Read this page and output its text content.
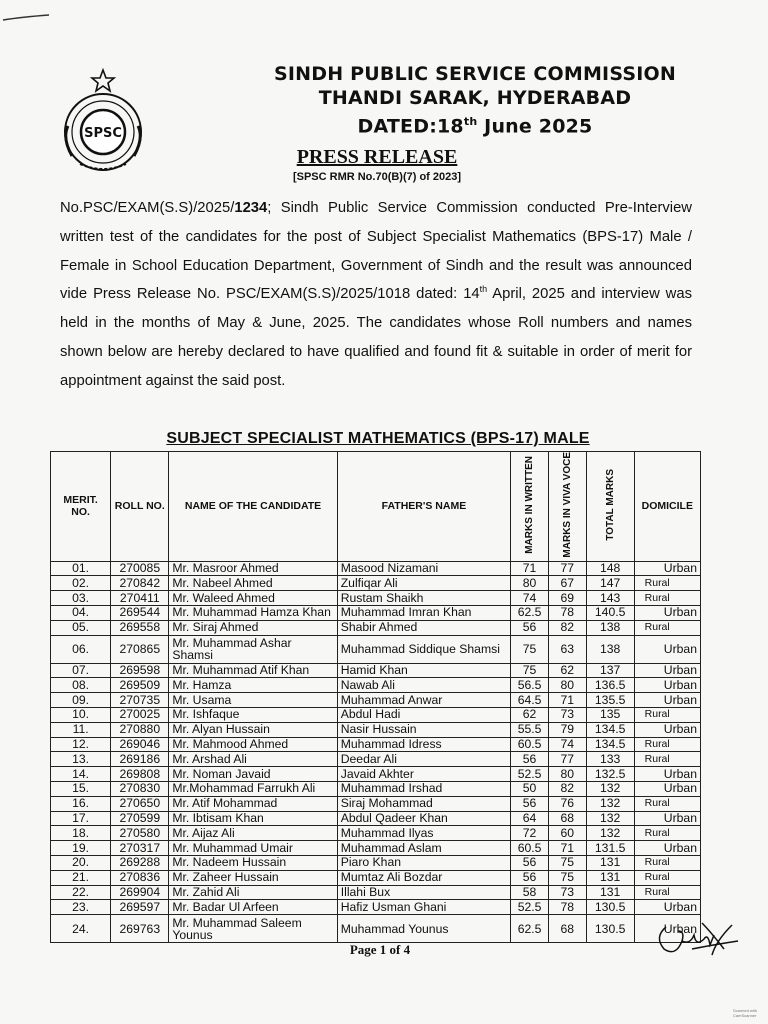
SPSC
SINDH PUBLIC SERVICE COMMISSION
THANDI SARAK, HYDERABAD
DATED:18th June 2025
PRESS RELEASE
[SPSC RMR No.70(B)(7) of 2023]
No.PSC/EXAM(S.S)/2025/1234; Sindh Public Service Commission conducted Pre-Interview written test of the candidates for the post of Subject Specialist Mathematics (BPS-17) Male / Female in School Education Department, Government of Sindh and the result was announced vide Press Release No. PSC/EXAM(S.S)/2025/1018 dated: 14th April, 2025 and interview was held in the months of May & June, 2025. The candidates whose Roll numbers and names shown below are hereby declared to have qualified and found fit & suitable in order of merit for appointment against the said post.
SUBJECT SPECIALIST MATHEMATICS (BPS-17) MALE
MERIT. NO.	ROLL NO.	NAME OF THE CANDIDATE	FATHER'S NAME	MARKS IN WRITTEN	MARKS IN VIVA VOCE	TOTAL MARKS	DOMICILE
01.	270085	Mr. Masroor Ahmed	Masood Nizamani	71	77	148	Urban
02.	270842	Mr. Nabeel Ahmed	Zulfiqar Ali	80	67	147	Rural
03.	270411	Mr. Waleed Ahmed	Rustam Shaikh	74	69	143	Rural
04.	269544	Mr. Muhammad Hamza Khan	Muhammad Imran Khan	62.5	78	140.5	Urban
05.	269558	Mr. Siraj Ahmed	Shabir Ahmed	56	82	138	Rural
06.	270865	Mr. Muhammad Ashar Shamsi	Muhammad Siddique Shamsi	75	63	138	Urban
07.	269598	Mr. Muhammad Atif Khan	Hamid Khan	75	62	137	Urban
08.	269509	Mr. Hamza	Nawab Ali	56.5	80	136.5	Urban
09.	270735	Mr. Usama	Muhammad Anwar	64.5	71	135.5	Urban
10.	270025	Mr. Ishfaque	Abdul Hadi	62	73	135	Rural
11.	270880	Mr. Alyan Hussain	Nasir Hussain	55.5	79	134.5	Urban
12.	269046	Mr. Mahmood Ahmed	Muhammad Idress	60.5	74	134.5	Rural
13.	269186	Mr. Arshad Ali	Deedar Ali	56	77	133	Rural
14.	269808	Mr. Noman Javaid	Javaid Akhter	52.5	80	132.5	Urban
15.	270830	Mr.Mohammad Farrukh Ali	Muhammad Irshad	50	82	132	Urban
16.	270650	Mr. Atif Mohammad	Siraj Mohammad	56	76	132	Rural
17.	270599	Mr. Ibtisam Khan	Abdul Qadeer Khan	64	68	132	Urban
18.	270580	Mr. Aijaz Ali	Muhammad Ilyas	72	60	132	Rural
19.	270317	Mr. Muhammad Umair	Muhammad Aslam	60.5	71	131.5	Urban
20.	269288	Mr. Nadeem Hussain	Piaro Khan	56	75	131	Rural
21.	270836	Mr. Zaheer Hussain	Mumtaz Ali Bozdar	56	75	131	Rural
22.	269904	Mr. Zahid Ali	Illahi Bux	58	73	131	Rural
23.	269597	Mr. Badar Ul Arfeen	Hafiz Usman Ghani	52.5	78	130.5	Urban
24.	269763	Mr. Muhammad Saleem Younus	Muhammad Younus	62.5	68	130.5	Urban
Page 1 of 4
Scanned with CamScanner
